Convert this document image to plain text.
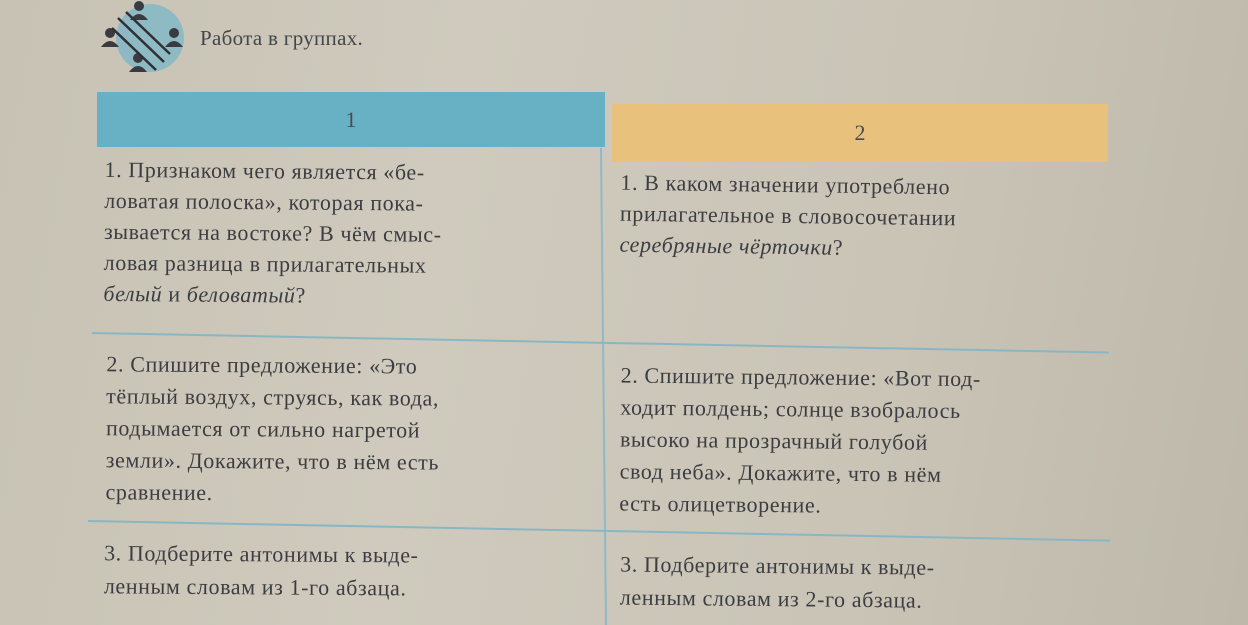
Работа в группах.
1
2

1. Признаком чего является «бе-

ловатая полоска», которая пока-

зывается на востоке? В чём смыс-

ловая разница в прилагательных

белый и беловатый?

1. В каком значении употреблено

прилагательное в словосочетании

серебряные чёрточки?

2. Спишите предложение: «Это

тёплый воздух, струясь, как вода,

подымается от сильно нагретой

земли». Докажите, что в нём есть

сравнение.

2. Спишите предложение: «Вот под-

ходит полдень; солнце взобралось

высоко на прозрачный голубой

свод неба». Докажите, что в нём

есть олицетворение.

3. Подберите антонимы к выде-

ленным словам из 1-го абзаца.

3. Подберите антонимы к выде-

ленным словам из 2-го абзаца.
